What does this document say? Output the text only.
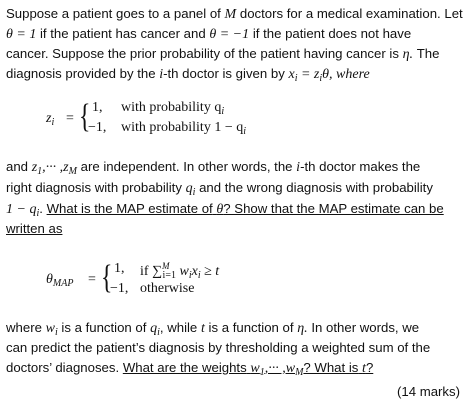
Suppose a patient goes to a panel of M doctors for a medical examination. Let
θ = 1 if the patient has cancer and θ = −1 if the patient does not have
cancer. Suppose the prior probability of the patient having cancer is η. The
diagnosis provided by the i-th doctor is given by $x_i = z_i\theta$, where
$z_i$ = { 1, with probability $q_i$
−1, with probability $1 - q_i$
and $z_1,\cdot\cdot\cdot ,z_M$ are independent. In other words, the i-th doctor makes the
right diagnosis with probability $q_i$ and the wrong diagnosis with probability
$1 - q_i$. What is the MAP estimate of θ? Show that the MAP estimate can be
written as
$\theta_{MAP}$ = { 1, if ∑$^M_{i=1}$ $w_ix_i \ge t$
−1, otherwise
where $w_i$ is a function of $q_i$, while t is a function of η. In other words, we
can predict the patient’s diagnosis by thresholding a weighted sum of the
doctors’ diagnoses. What are the weights $w_1,\cdot\cdot\cdot ,w_M$? What is t?
(14 marks)
